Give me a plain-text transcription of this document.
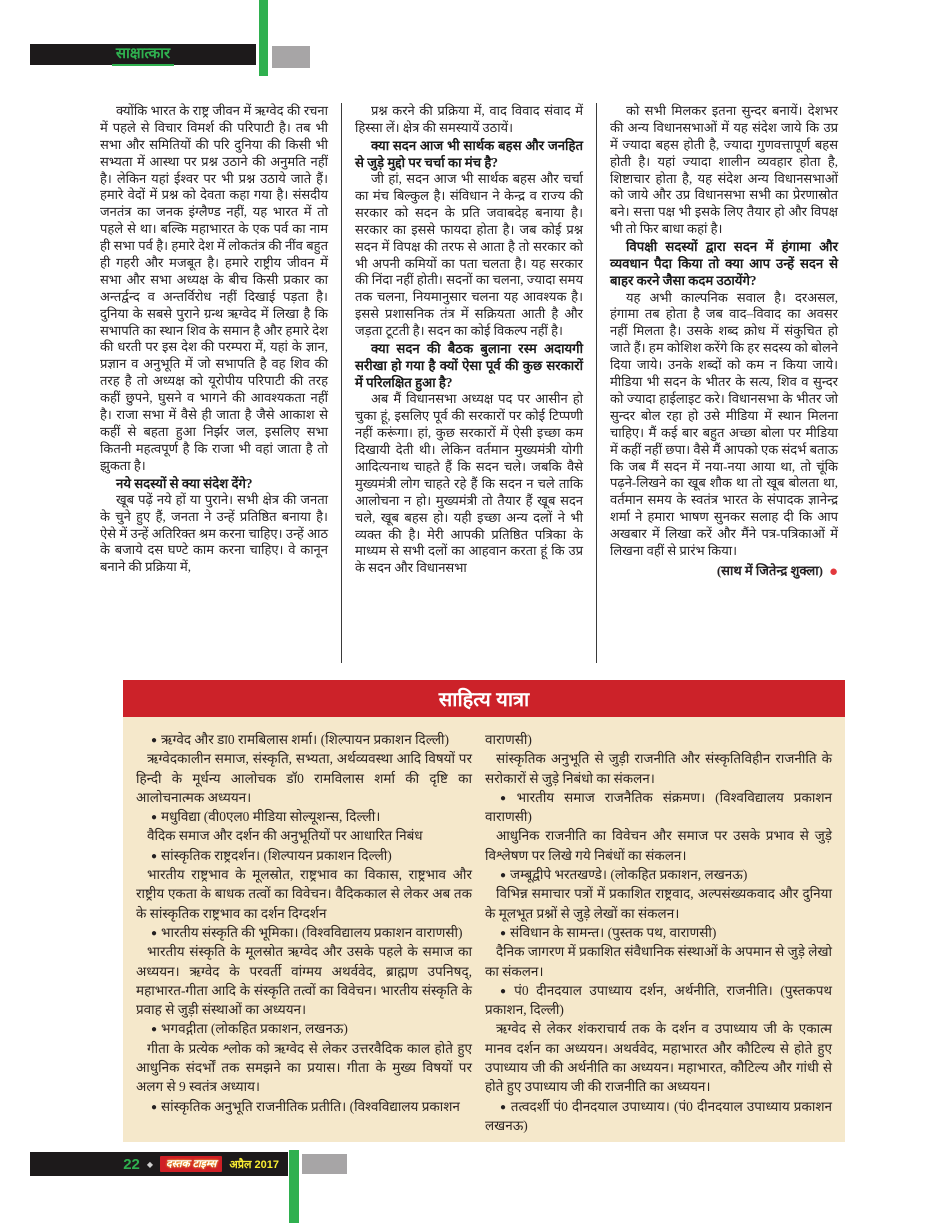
साक्षात्कार

क्योंकि भारत के राष्ट्र जीवन में ऋग्वेद की रचना में पहले से विचार विमर्श की परिपाटी है। तब भी सभा और समितियों की परि दुनिया की किसी भी सभ्यता में आस्था पर प्रश्न उठाने की अनुमति नहीं है। लेकिन यहां ईश्वर पर भी प्रश्न उठाये जाते हैं। हमारे वेदों में प्रश्न को देवता कहा गया है। संसदीय जनतंत्र का जनक इंग्लैण्ड नहीं, यह भारत में तो पहले से था। बल्कि महाभारत के एक पर्व का नाम ही सभा पर्व है। हमारे देश में लोकतंत्र की नींव बहुत ही गहरी और मजबूत है। हमारे राष्ट्रीय जीवन में सभा और सभा अध्यक्ष के बीच किसी प्रकार का अन्तर्द्वन्द व अन्तर्विरोध नहीं दिखाई पड़ता है। दुनिया के सबसे पुराने ग्रन्थ ऋग्वेद में लिखा है कि सभापति का स्थान शिव के समान है और हमारे देश की धरती पर इस देश की परम्परा में, यहां के ज्ञान, प्रज्ञान व अनुभूति में जो सभापति है वह शिव की तरह है तो अध्यक्ष को यूरोपीय परिपाटी की तरह कहीं छुपने, घुसने व भागने की आवश्यकता नहीं है। राजा सभा में वैसे ही जाता है जैसे आकाश से कहीं से बहता हुआ निर्झर जल, इसलिए सभा कितनी महत्वपूर्ण है कि राजा भी वहां जाता है तो झुकता है।

नये सदस्यों से क्या संदेश देंगे?

खूब पढ़ें नये हों या पुराने। सभी क्षेत्र की जनता के चुने हुए हैं, जनता ने उन्हें प्रतिष्ठित बनाया है। ऐसे में उन्हें अतिरिक्त श्रम करना चाहिए। उन्हें आठ के बजाये दस घण्टे काम करना चाहिए। वे कानून बनाने की प्रक्रिया में,

प्रश्न करने की प्रक्रिया में, वाद विवाद संवाद में हिस्सा लें। क्षेत्र की समस्यायें उठायें।

क्या सदन आज भी सार्थक बहस और जनहित से जुड़े मुद्दो पर चर्चा का मंच है?

जी हां, सदन आज भी सार्थक बहस और चर्चा का मंच बिल्कुल है। संविधान ने केन्द्र व राज्य की सरकार को सदन के प्रति जवाबदेह बनाया है। सरकार का इससे फायदा होता है। जब कोई प्रश्न सदन में विपक्ष की तरफ से आता है तो सरकार को भी अपनी कमियों का पता चलता है। यह सरकार की निंदा नहीं होती। सदनों का चलना, ज्यादा समय तक चलना, नियमानुसार चलना यह आवश्यक है। इससे प्रशासनिक तंत्र में सक्रियता आती है और जड़ता टूटती है। सदन का कोई विकल्प नहीं है।

क्या सदन की बैठक बुलाना रस्म अदायगी सरीखा हो गया है क्यों ऐसा पूर्व की कुछ सरकारों में परिलक्षित हुआ है?

अब मैं विधानसभा अध्यक्ष पद पर आसीन हो चुका हूं, इसलिए पूर्व की सरकारों पर कोई टिप्पणी नहीं करूंगा। हां, कुछ सरकारों में ऐसी इच्छा कम दिखायी देती थी। लेकिन वर्तमान मुख्यमंत्री योगी आदित्यनाथ चाहते हैं कि सदन चले। जबकि वैसे मुख्यमंत्री लोग चाहते रहे हैं कि सदन न चले ताकि आलोचना न हो। मुख्यमंत्री तो तैयार हैं खूब सदन चले, खूब बहस हो। यही इच्छा अन्य दलों ने भी व्यक्त की है। मेरी आपकी प्रतिष्ठित पत्रिका के माध्यम से सभी दलों का आहवान करता हूं कि उप्र के सदन और विधानसभा

को सभी मिलकर इतना सुन्दर बनायें। देशभर की अन्य विधानसभाओं में यह संदेश जाये कि उप्र में ज्यादा बहस होती है, ज्यादा गुणवत्तापूर्ण बहस होती है। यहां ज्यादा शालीन व्यवहार होता है, शिष्टाचार होता है, यह संदेश अन्य विधानसभाओं को जाये और उप्र विधानसभा सभी का प्रेरणास्रोत बने। सत्ता पक्ष भी इसके लिए तैयार हो और विपक्ष भी तो फिर बाधा कहां है।

विपक्षी सदस्यों द्वारा सदन में हंगामा और व्यवधान पैदा किया तो क्या आप उन्हें सदन से बाहर करने जैसा कदम उठायेंगे?

यह अभी काल्पनिक सवाल है। दरअसल, हंगामा तब होता है जब वाद–विवाद का अवसर नहीं मिलता है। उसके शब्द क्रोध में संकुचित हो जाते हैं। हम कोशिश करेंगे कि हर सदस्य को बोलने दिया जाये। उनके शब्दों को कम न किया जाये। मीडिया भी सदन के भीतर के सत्य, शिव व सुन्दर को ज्यादा हाईलाइट करे। विधानसभा के भीतर जो सुन्दर बोल रहा हो उसे मीडिया में स्थान मिलना चाहिए। मैं कई बार बहुत अच्छा बोला पर मीडिया में कहीं नहीं छपा। वैसे मैं आपको एक संदर्भ बताऊ कि जब मैं सदन में नया-नया आया था, तो चूंकि पढ़ने-लिखने का खूब शौक था तो खूब बोलता था, वर्तमान समय के स्वतंत्र भारत के संपादक ज्ञानेन्द्र शर्मा ने हमारा भाषण सुनकर सलाह दी कि आप अखबार में लिखा करें और मैंने पत्र-पत्रिकाओं में लिखना वहीं से प्रारंभ किया।

(साथ में जितेन्द्र शुक्ला) ●
साहित्य यात्रा
● ऋग्वेद और डा0 रामबिलास शर्मा। (शिल्पायन प्रकाशन दिल्ली)
ऋग्वेदकालीन समाज, संस्कृति, सभ्यता, अर्थव्यवस्था आदि विषयों पर हिन्दी के मूर्धन्य आलोचक डॉ0 रामविलास शर्मा की दृष्टि का आलोचनात्मक अध्ययन।
● मधुविद्या (वी0एल0 मीडिया सोल्यूशन्स, दिल्ली।
वैदिक समाज और दर्शन की अनुभूतियों पर आधारित निबंध
● सांस्कृतिक राष्ट्रदर्शन। (शिल्पायन प्रकाशन दिल्ली)
भारतीय राष्ट्रभाव के मूलस्रोत, राष्ट्रभाव का विकास, राष्ट्रभाव और राष्ट्रीय एकता के बाधक तत्वों का विवेचन। वैदिककाल से लेकर अब तक के सांस्कृतिक राष्ट्रभाव का दर्शन दिग्दर्शन
● भारतीय संस्कृति की भूमिका। (विश्वविद्यालय प्रकाशन वाराणसी)
भारतीय संस्कृति के मूलस्रोत ऋग्वेद और उसके पहले के समाज का अध्ययन। ऋग्वेद के परवर्ती वांग्मय अथर्ववेद, ब्राह्मण उपनिषद्, महाभारत-गीता आदि के संस्कृति तत्वों का विवेचन। भारतीय संस्कृति के प्रवाह से जुड़ी संस्थाओं का अध्ययन।
● भगवद्गीता (लोकहित प्रकाशन, लखनऊ)
गीता के प्रत्येक श्लोक को ऋग्वेद से लेकर उत्तरवैदिक काल होते हुए आधुनिक संदर्भों तक समझने का प्रयास। गीता के मुख्य विषयों पर अलग से 9 स्वतंत्र अध्याय।
● सांस्कृतिक अनुभूति राजनीतिक प्रतीति। (विश्वविद्यालय प्रकाशन
वाराणसी)
सांस्कृतिक अनुभूति से जुड़ी राजनीति और संस्कृतिविहीन राजनीति के सरोकारों से जुड़े निबंधो का संकलन।
● भारतीय समाज राजनैतिक संक्रमण। (विश्वविद्यालय प्रकाशन वाराणसी)
आधुनिक राजनीति का विवेचन और समाज पर उसके प्रभाव से जुड़े विश्लेषण पर लिखे गये निबंधों का संकलन।
● जम्बूद्वीपे भरतखण्डे। (लोकहित प्रकाशन, लखनऊ)
विभिन्न समाचार पत्रों में प्रकाशित राष्ट्रवाद, अल्पसंख्यकवाद और दुनिया के मूलभूत प्रश्नों से जुड़े लेखों का संकलन।
● संविधान के सामन्त। (पुस्तक पथ, वाराणसी)
दैनिक जागरण में प्रकाशित संवैधानिक संस्थाओं के अपमान से जुड़े लेखो का संकलन।
● पं0 दीनदयाल उपाध्याय दर्शन, अर्थनीति, राजनीति। (पुस्तकपथ प्रकाशन, दिल्ली)
ऋग्वेद से लेकर शंकराचार्य तक के दर्शन व उपाध्याय जी के एकात्म मानव दर्शन का अध्ययन। अथर्ववेद, महाभारत और कौटिल्य से होते हुए उपाध्याय जी की अर्थनीति का अध्ययन। महाभारत, कौटिल्य और गांधी से होते हुए उपाध्याय जी की राजनीति का अध्ययन।
● तत्वदर्शी पं0 दीनदयाल उपाध्याय। (पं0 दीनदयाल उपाध्याय प्रकाशन लखनऊ)
22 ◆	दस्तक टाइम्स	अप्रैल 2017
